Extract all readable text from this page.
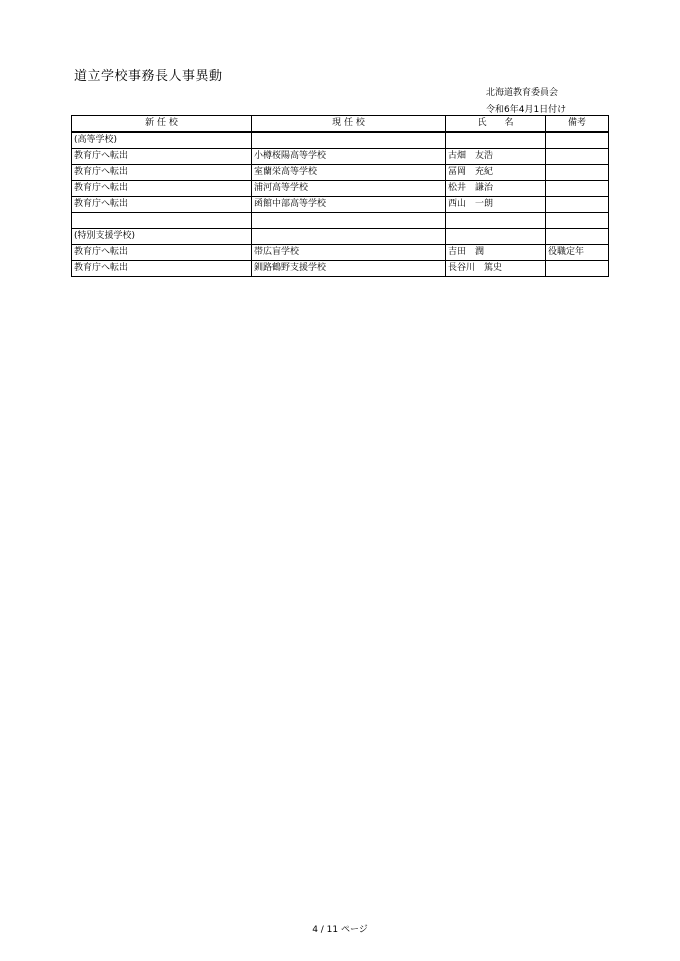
道立学校事務長人事異動
北海道教育委員会
令和6年4月1日付け
新 任 校	現 任 校	氏　　名	備考
(高等学校)			
教育庁へ転出	小樽桜陽高等学校	古畑　友浩	
教育庁へ転出	室蘭栄高等学校	冨岡　充紀	
教育庁へ転出	浦河高等学校	松井　謙治	
教育庁へ転出	函館中部高等学校	西山　一朗	

(特別支援学校)			
教育庁へ転出	帯広盲学校	吉田　潤	役職定年
教育庁へ転出	釧路鶴野支援学校	長谷川　篤史	
4 / 11 ページ
